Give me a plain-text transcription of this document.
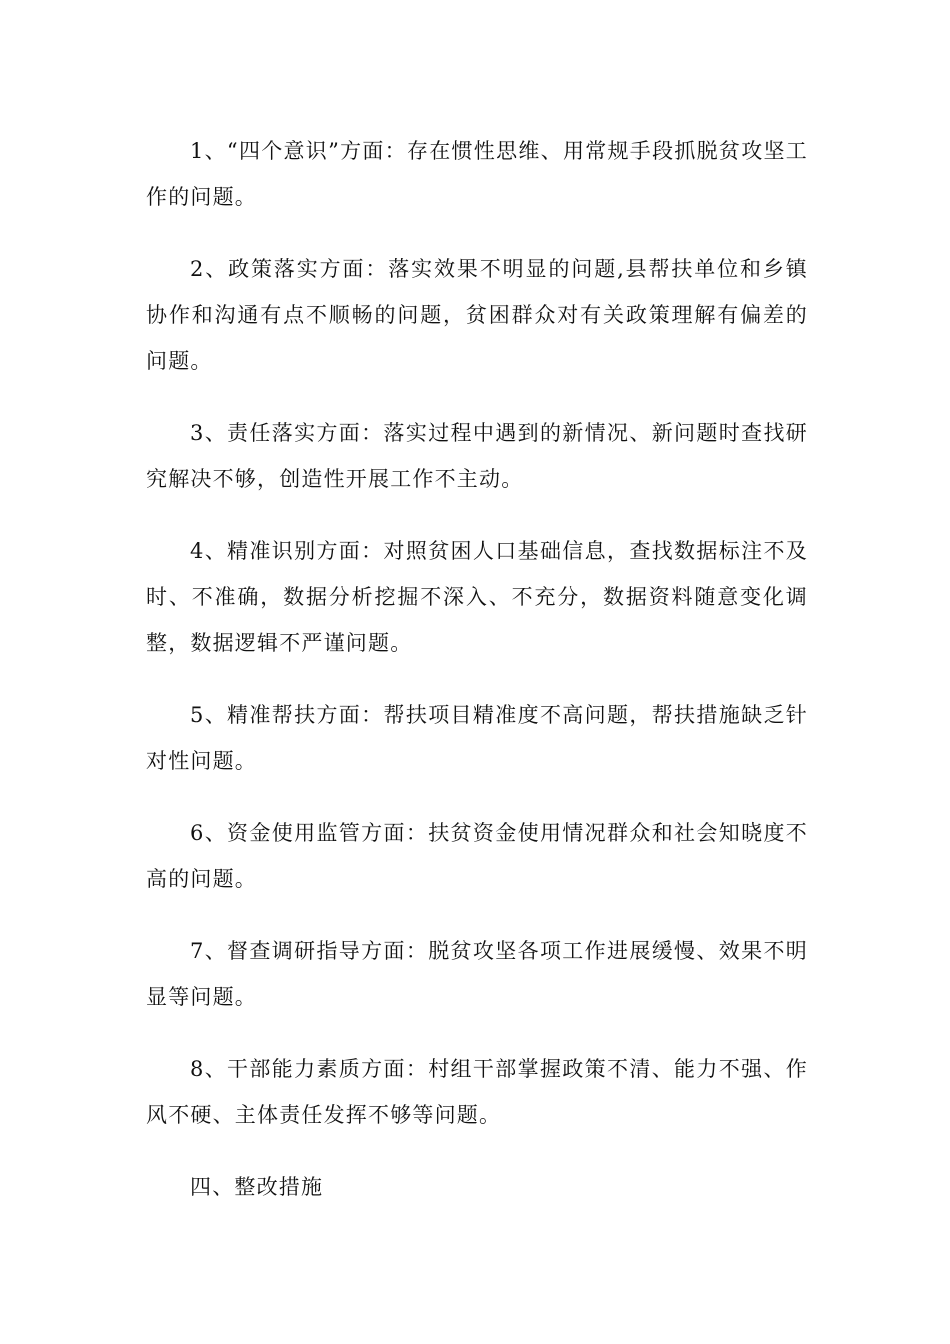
1、“四个意识”方面：存在惯性思维、用常规手段抓脱贫攻坚工作的问题。

2、政策落实方面：落实效果不明显的问题,县帮扶单位和乡镇协作和沟通有点不顺畅的问题，贫困群众对有关政策理解有偏差的问题。

3、责任落实方面：落实过程中遇到的新情况、新问题时查找研究解决不够，创造性开展工作不主动。

4、精准识别方面：对照贫困人口基础信息，查找数据标注不及时、不准确，数据分析挖掘不深入、不充分，数据资料随意变化调整，数据逻辑不严谨问题。

5、精准帮扶方面：帮扶项目精准度不高问题，帮扶措施缺乏针对性问题。

6、资金使用监管方面：扶贫资金使用情况群众和社会知晓度不高的问题。

7、督查调研指导方面：脱贫攻坚各项工作进展缓慢、效果不明显等问题。

8、干部能力素质方面：村组干部掌握政策不清、能力不强、作风不硬、主体责任发挥不够等问题。

四、整改措施
